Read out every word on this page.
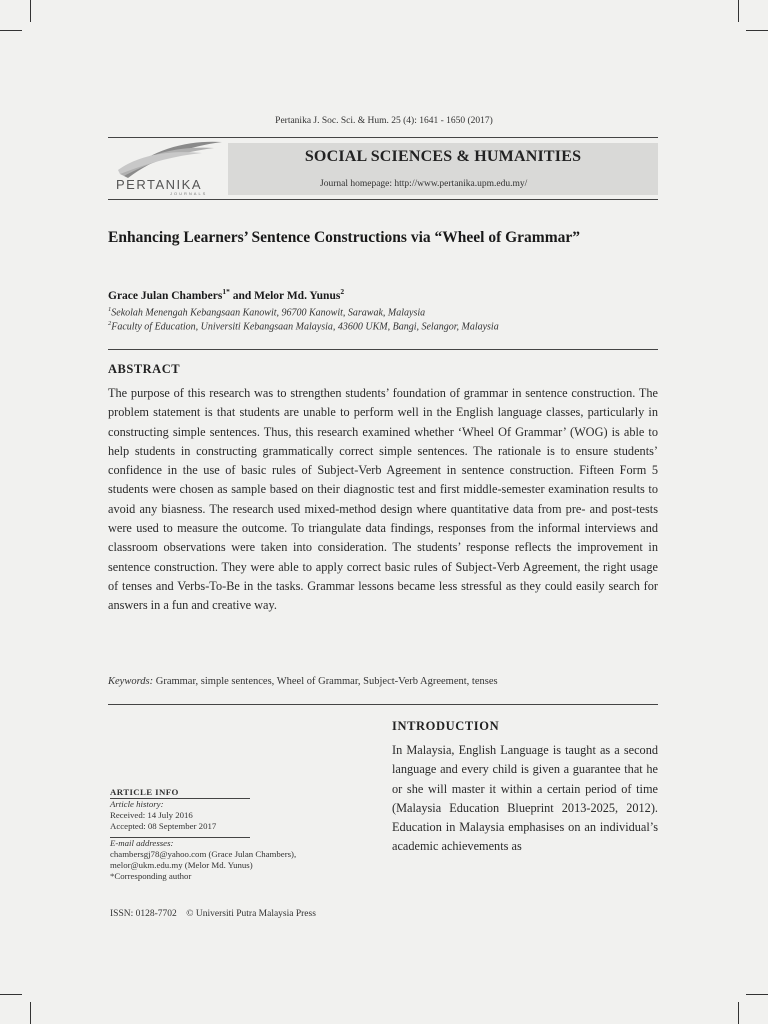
Pertanika J. Soc. Sci. & Hum. 25 (4): 1641 - 1650 (2017)
PERTANIKA
JOURNALS
SOCIAL SCIENCES & HUMANITIES
Journal homepage: http://www.pertanika.upm.edu.my/
Enhancing Learners’ Sentence Constructions via “Wheel of Grammar”
Grace Julan Chambers$^{1*}$ and Melor Md. Yunus$^2$
$^1$Sekolah Menengah Kebangsaan Kanowit, 96700 Kanowit, Sarawak, Malaysia
$^2$Faculty of Education, Universiti Kebangsaan Malaysia, 43600 UKM, Bangi, Selangor, Malaysia
ABSTRACT

The purpose of this research was to strengthen students’ foundation of grammar in sentence construction. The problem statement is that students are unable to perform well in the English language classes, particularly in constructing simple sentences. Thus, this research examined whether ‘Wheel Of Grammar’ (WOG) is able to help students in constructing grammatically correct simple sentences. The rationale is to ensure students’ confidence in the use of basic rules of Subject-Verb Agreement in sentence construction. Fifteen Form 5 students were chosen as sample based on their diagnostic test and first middle-semester examination results to avoid any biasness. The research used mixed-method design where quantitative data from pre- and post-tests were used to measure the outcome. To triangulate data findings, responses from the informal interviews and classroom observations were taken into consideration. The students’ response reflects the improvement in sentence construction. They were able to apply correct basic rules of Subject-Verb Agreement, the right usage of tenses and Verbs-To-Be in the tasks. Grammar lessons became less stressful as they could easily search for answers in a fun and creative way.

Keywords: Grammar, simple sentences, Wheel of Grammar, Subject-Verb Agreement, tenses
INTRODUCTION

In Malaysia, English Language is taught as a second language and every child is given a guarantee that he or she will master it within a certain period of time (Malaysia Education Blueprint 2013-2025, 2012). Education in Malaysia emphasises on an individual’s academic achievements as

ARTICLE INFO
Article history:
Received: 14 July 2016
Accepted: 08 September 2017
E-mail addresses:
chambersgj78@yahoo.com (Grace Julan Chambers),
melor@ukm.edu.my (Melor Md. Yunus)
*Corresponding author
ISSN: 0128-7702    © Universiti Putra Malaysia Press
